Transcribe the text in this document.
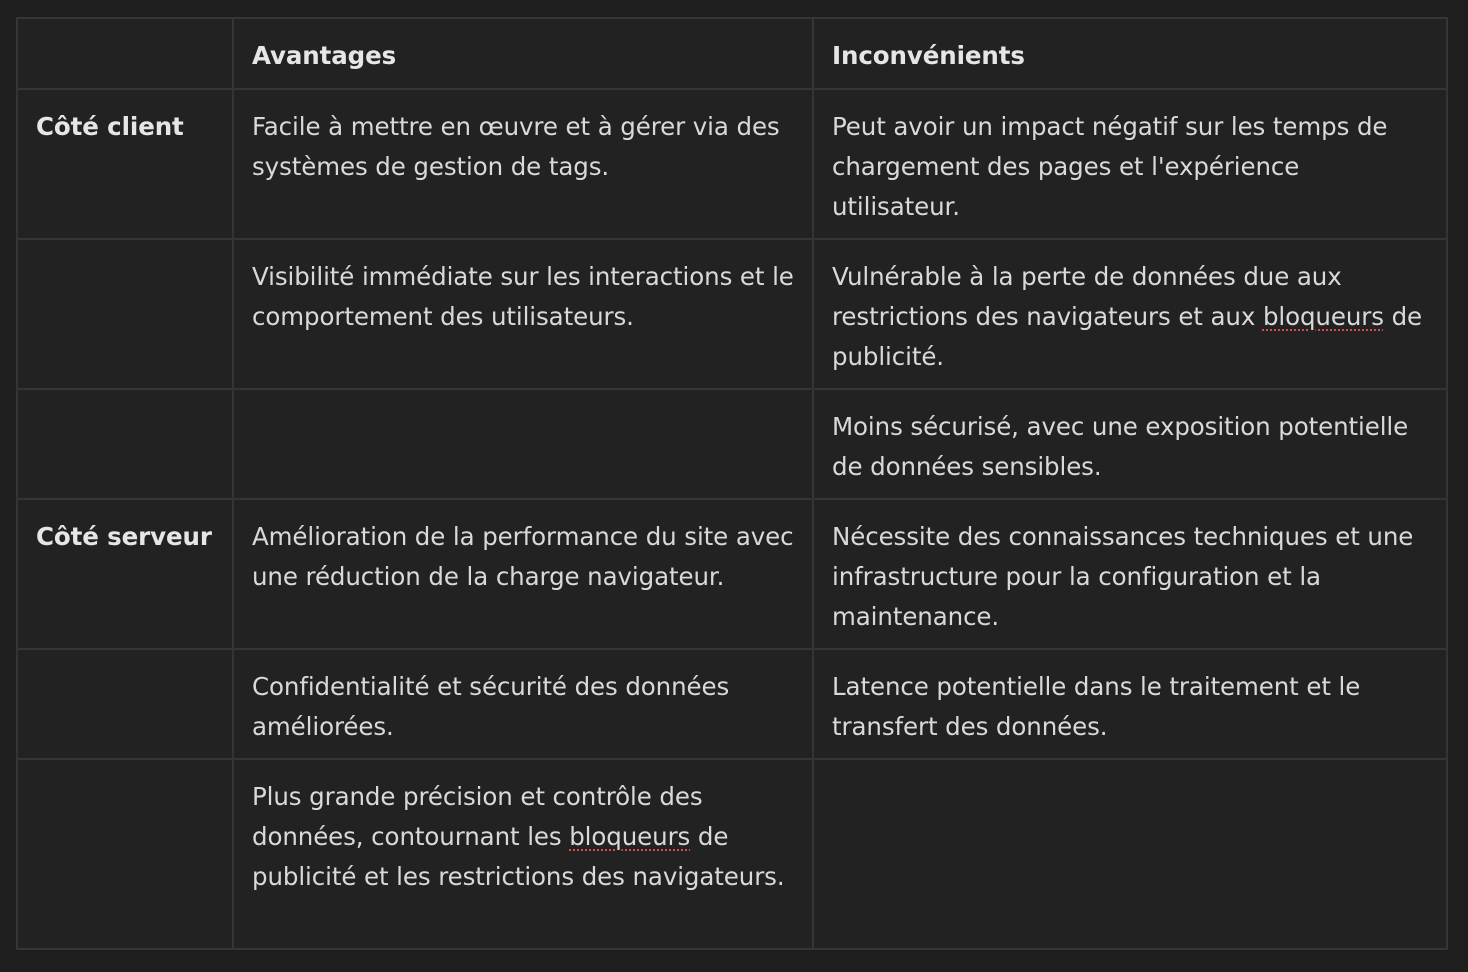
	Avantages	Inconvénients
Côté client	Facile à mettre en œuvre et à gérer via des systèmes de gestion de tags.	Peut avoir un impact négatif sur les temps de chargement des pages et l'expérience utilisateur.
	Visibilité immédiate sur les interactions et le comportement des utilisateurs.	Vulnérable à la perte de données due aux restrictions des navigateurs et aux bloqueurs de publicité.
		Moins sécurisé, avec une exposition potentielle de données sensibles.
Côté serveur	Amélioration de la performance du site avec une réduction de la charge navigateur.	Nécessite des connaissances techniques et une infrastructure pour la configuration et la maintenance.
	Confidentialité et sécurité des données améliorées.	Latence potentielle dans le traitement et le transfert des données.
	Plus grande précision et contrôle des données, contournant les bloqueurs de publicité et les restrictions des navigateurs.	
